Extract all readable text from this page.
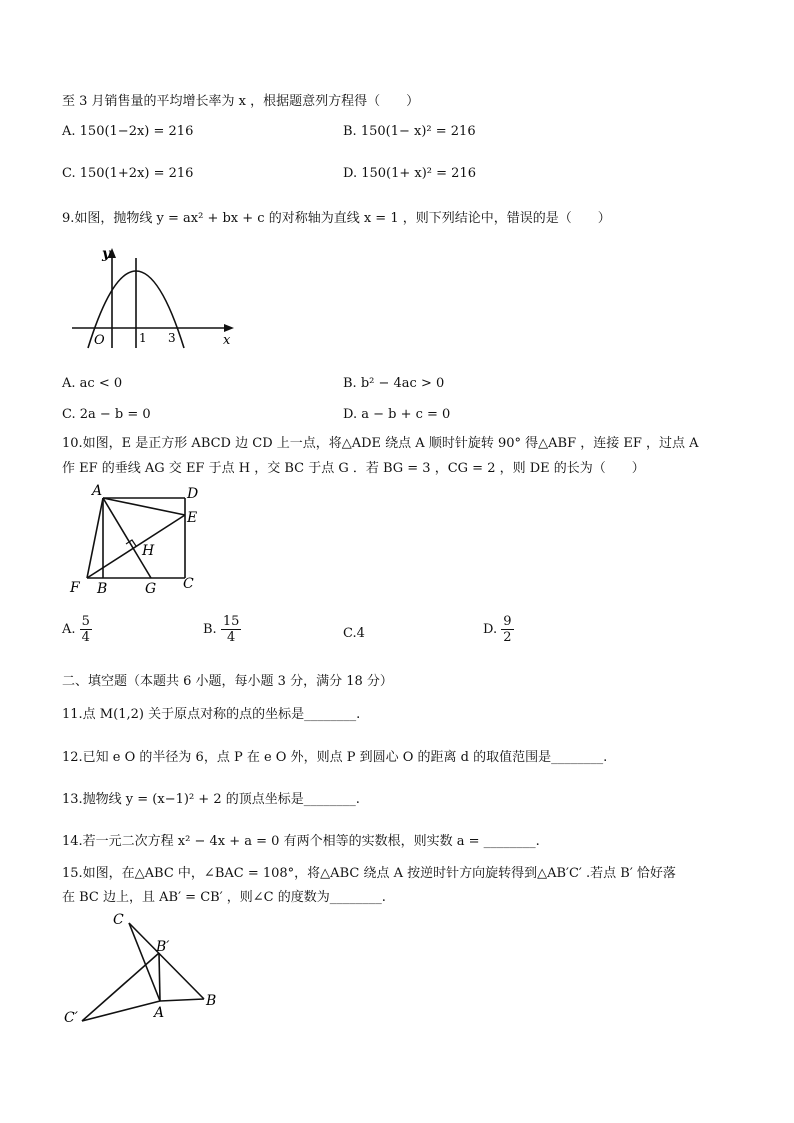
至 3 月销售量的平均增长率为 x ，根据题意列方程得（　　）
A. 150(1−2x) = 216	B. 150(1− x)² = 216
C. 150(1+2x) = 216	D. 150(1+ x)² = 216
9.如图，抛物线 y = ax² + bx + c 的对称轴为直线 x = 1 ，则下列结论中，错误的是（　　）
y
x
O	1 3
A. ac < 0	B. b² − 4ac > 0
C. 2a − b = 0	D. a − b + c = 0
10.如图，E 是正方形 ABCD 边 CD 上一点，将△ADE 绕点 A 顺时针旋转 90° 得△ABF ，连接 EF ，过点 A
作 EF 的垂线 AG 交 EF 于点 H ，交 BC 于点 G ．若 BG = 3 ，CG = 2 ，则 DE 的长为（　　）
A	D
E
H
F B	G C
A. $\frac{5}{4}$	B. $\frac{15}{4}$	C.4	D. $\frac{9}{2}$
二、填空题（本题共 6 小题，每小题 3 分，满分 18 分）
11.点 M(1,2) 关于原点对称的点的坐标是________.
12.已知 e O 的半径为 6，点 P 在 e O 外，则点 P 到圆心 O 的距离 d 的取值范围是________.
13.抛物线 y = (x−1)² + 2 的顶点坐标是________.
14.若一元二次方程 x² − 4x + a = 0 有两个相等的实数根，则实数 a = ________.
15.如图，在△ABC 中，∠BAC = 108°，将△ABC 绕点 A 按逆时针方向旋转得到△AB′C′ .若点 B′ 恰好落
在 BC 边上，且 AB′ = CB′ ，则∠C 的度数为________.
C
B′
C′	A
B
